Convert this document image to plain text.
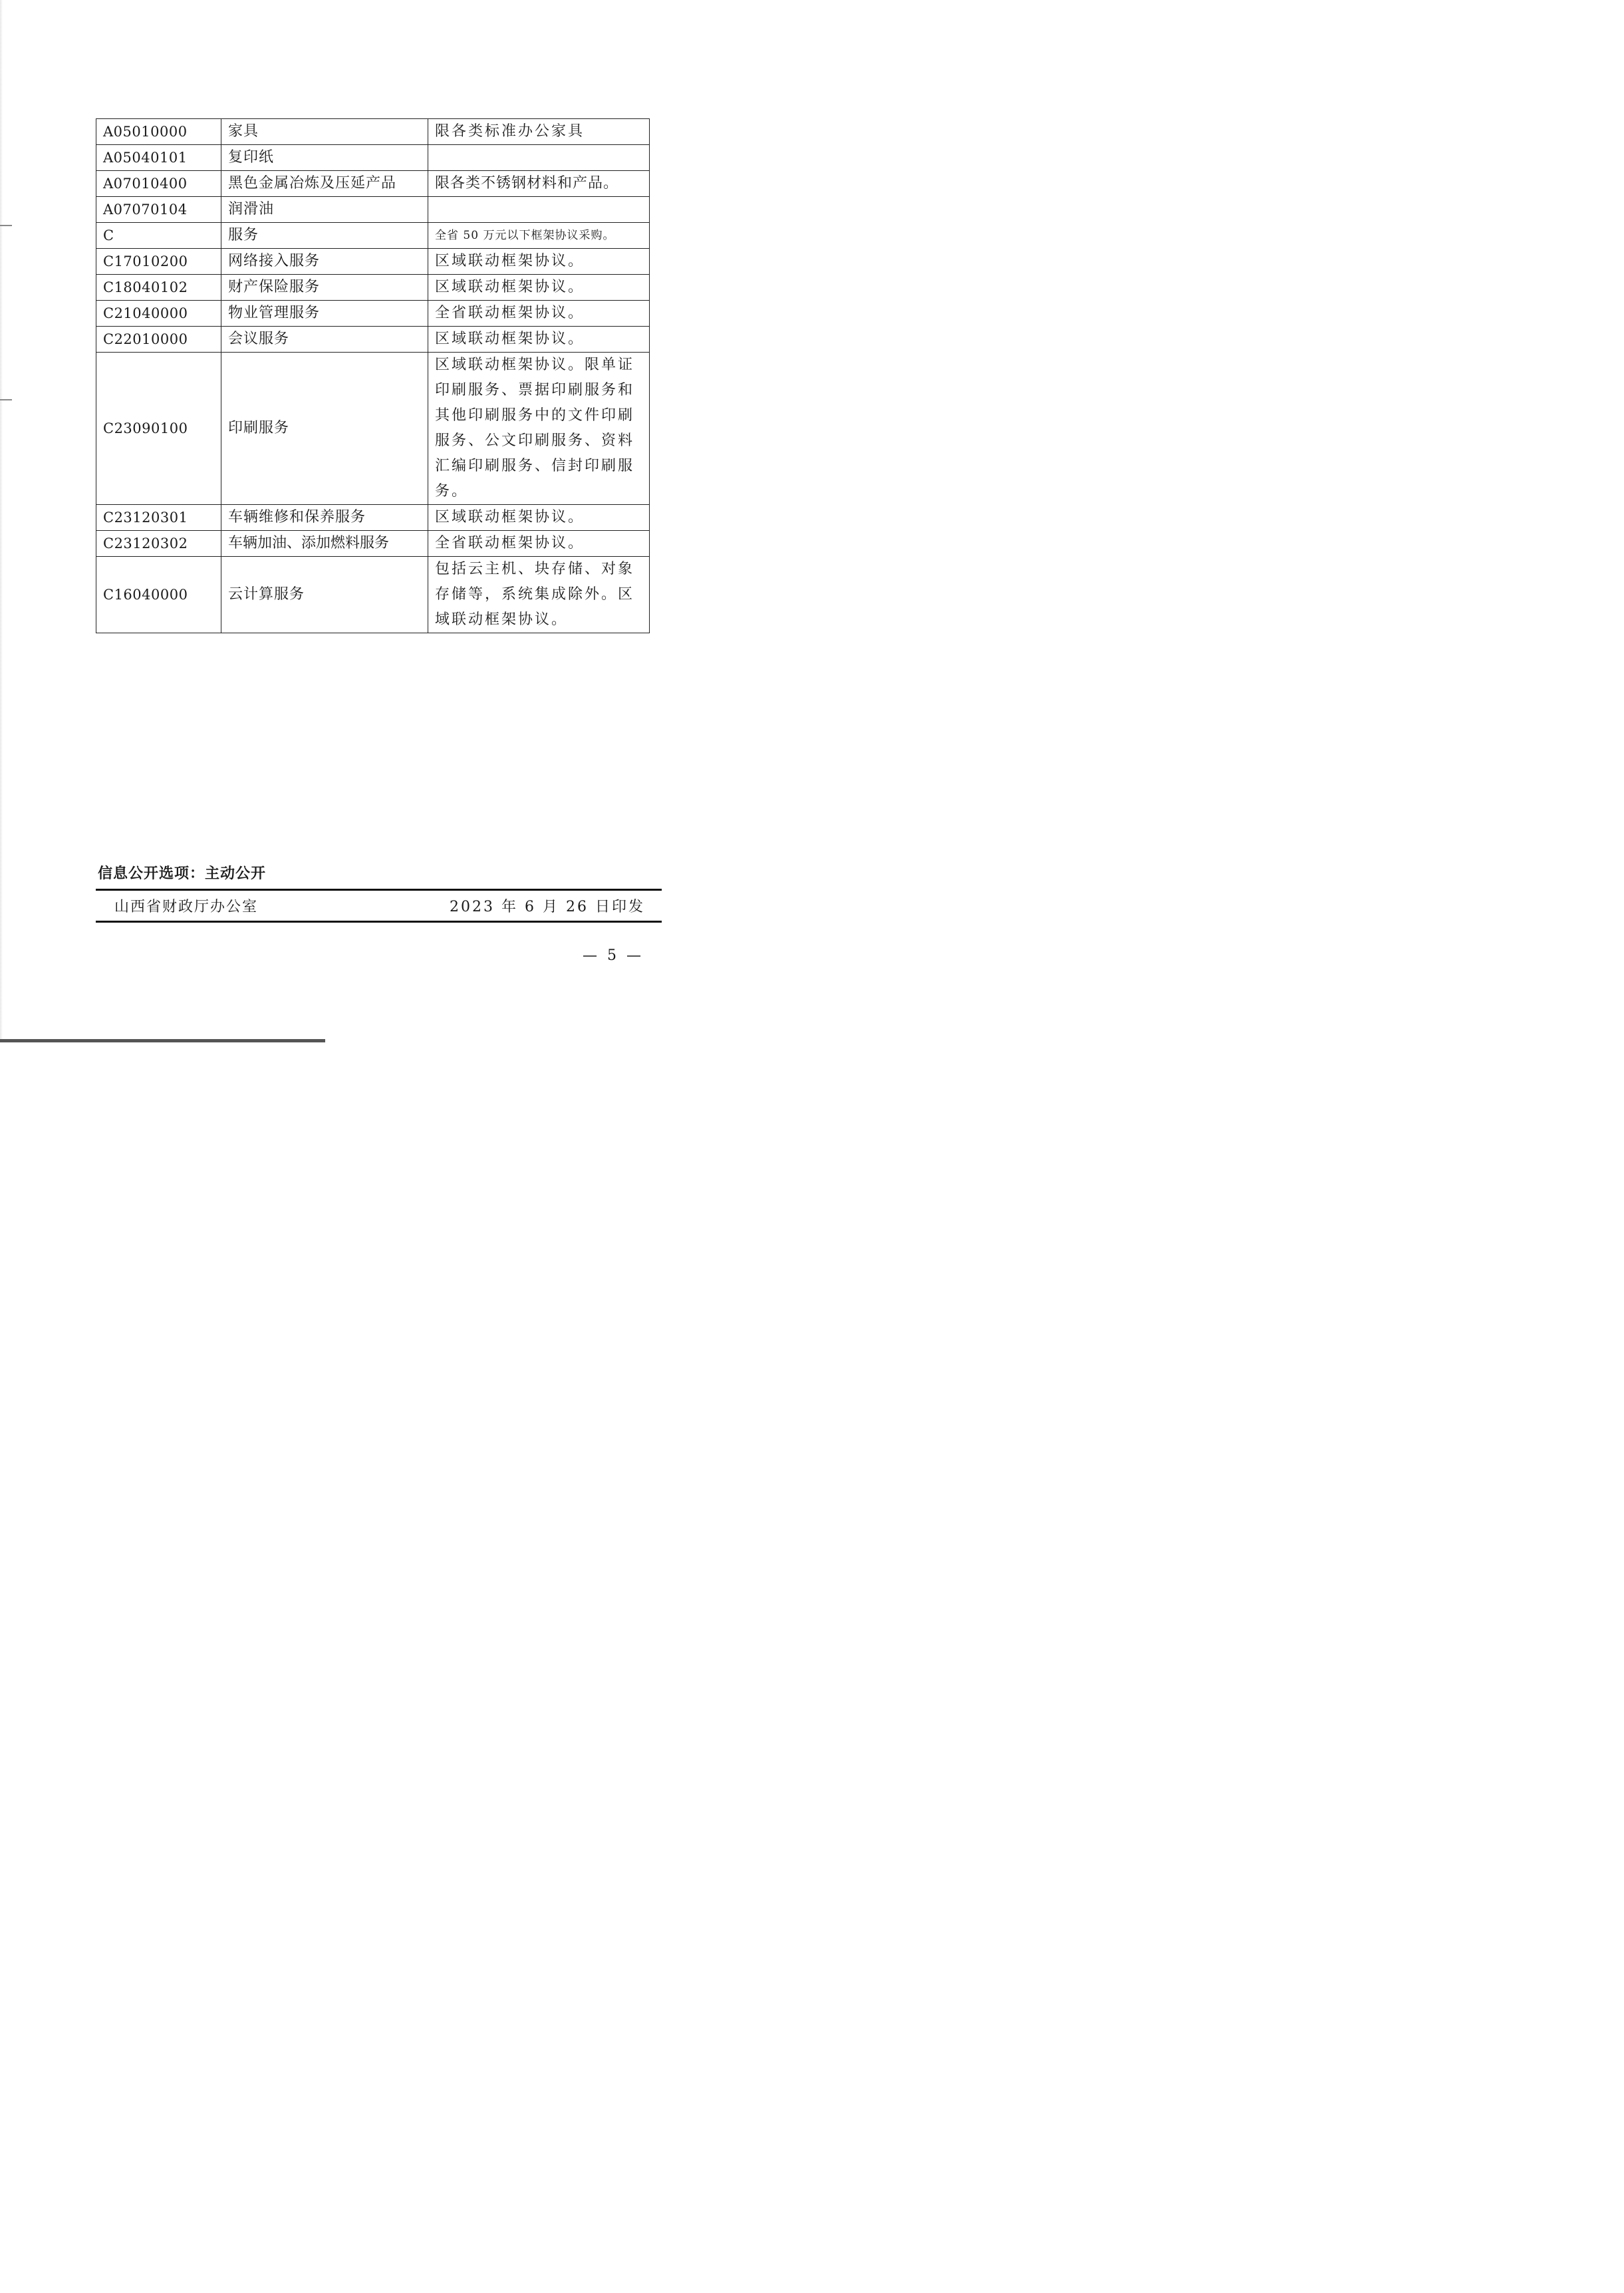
A05010000	家具	限各类标准办公家具
A05040101	复印纸	
A07010400	黑色金属冶炼及压延产品	限各类不锈钢材料和产品。
A07070104	润滑油	
C	服务	全省 50 万元以下框架协议采购。
C17010200	网络接入服务	区域联动框架协议。
C18040102	财产保险服务	区域联动框架协议。
C21040000	物业管理服务	全省联动框架协议。
C22010000	会议服务	区域联动框架协议。
C23090100	印刷服务	区域联动框架协议。限单证印刷服务、票据印刷服务和其他印刷服务中的文件印刷服务、公文印刷服务、资料汇编印刷服务、信封印刷服务。
C23120301	车辆维修和保养服务	区域联动框架协议。
C23120302	车辆加油、添加燃料服务	全省联动框架协议。
C16040000	云计算服务	包括云主机、块存储、对象存储等，系统集成除外。区域联动框架协议。
信息公开选项：主动公开
山西省财政厅办公室	2023 年 6 月 26 日印发
— 5 —
